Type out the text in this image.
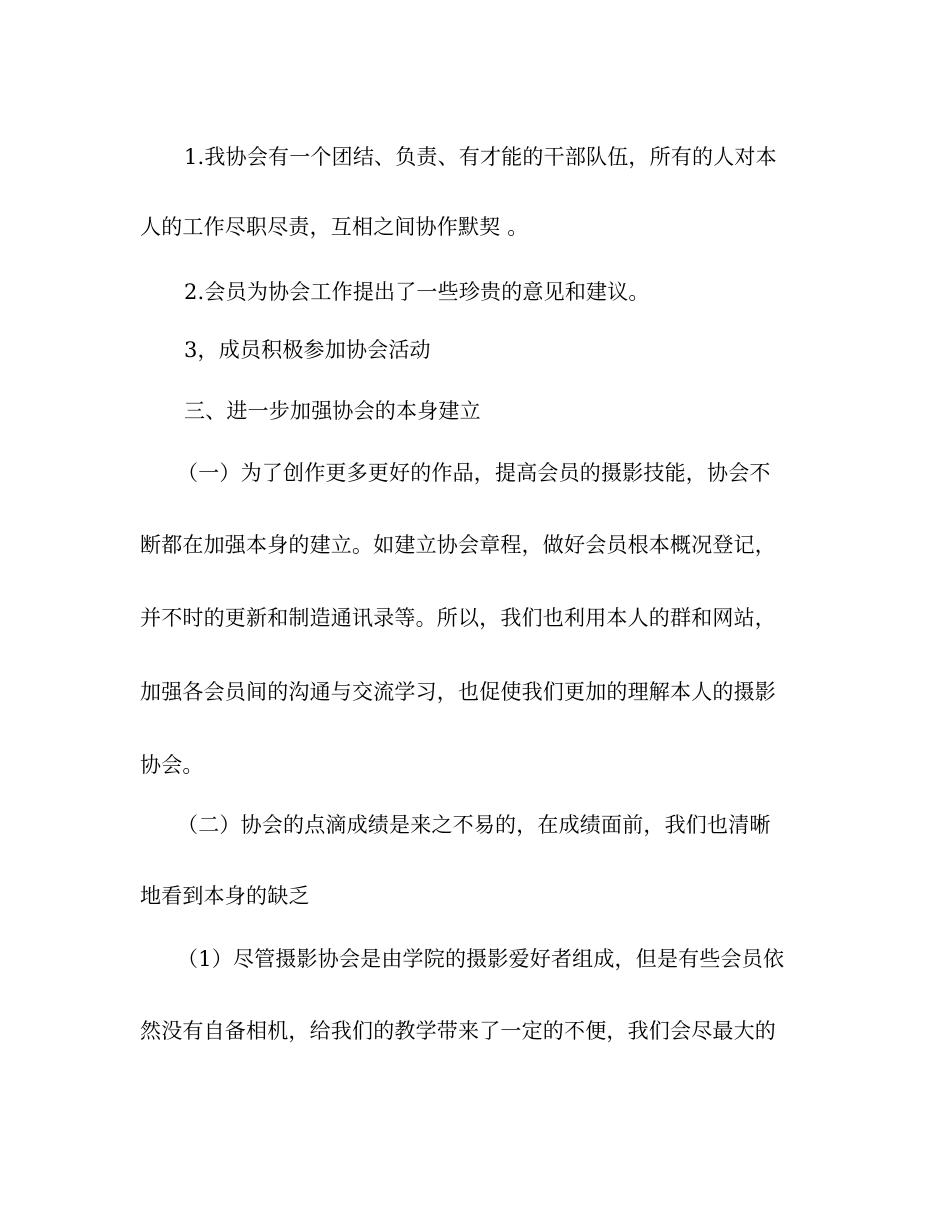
1.我协会有一个团结、负责、有才能的干部队伍，所有的人对本
人的工作尽职尽责，互相之间协作默契 。
2.会员为协会工作提出了一些珍贵的意见和建议。
3，成员积极参加协会活动
三、进一步加强协会的本身建立
（一）为了创作更多更好的作品，提高会员的摄影技能，协会不
断都在加强本身的建立。如建立协会章程，做好会员根本概况登记，
并不时的更新和制造通讯录等。所以，我们也利用本人的群和网站，
加强各会员间的沟通与交流学习，也促使我们更加的理解本人的摄影
协会。
（二）协会的点滴成绩是来之不易的，在成绩面前，我们也清晰
地看到本身的缺乏
（1）尽管摄影协会是由学院的摄影爱好者组成，但是有些会员依
然没有自备相机，给我们的教学带来了一定的不便，我们会尽最大的
